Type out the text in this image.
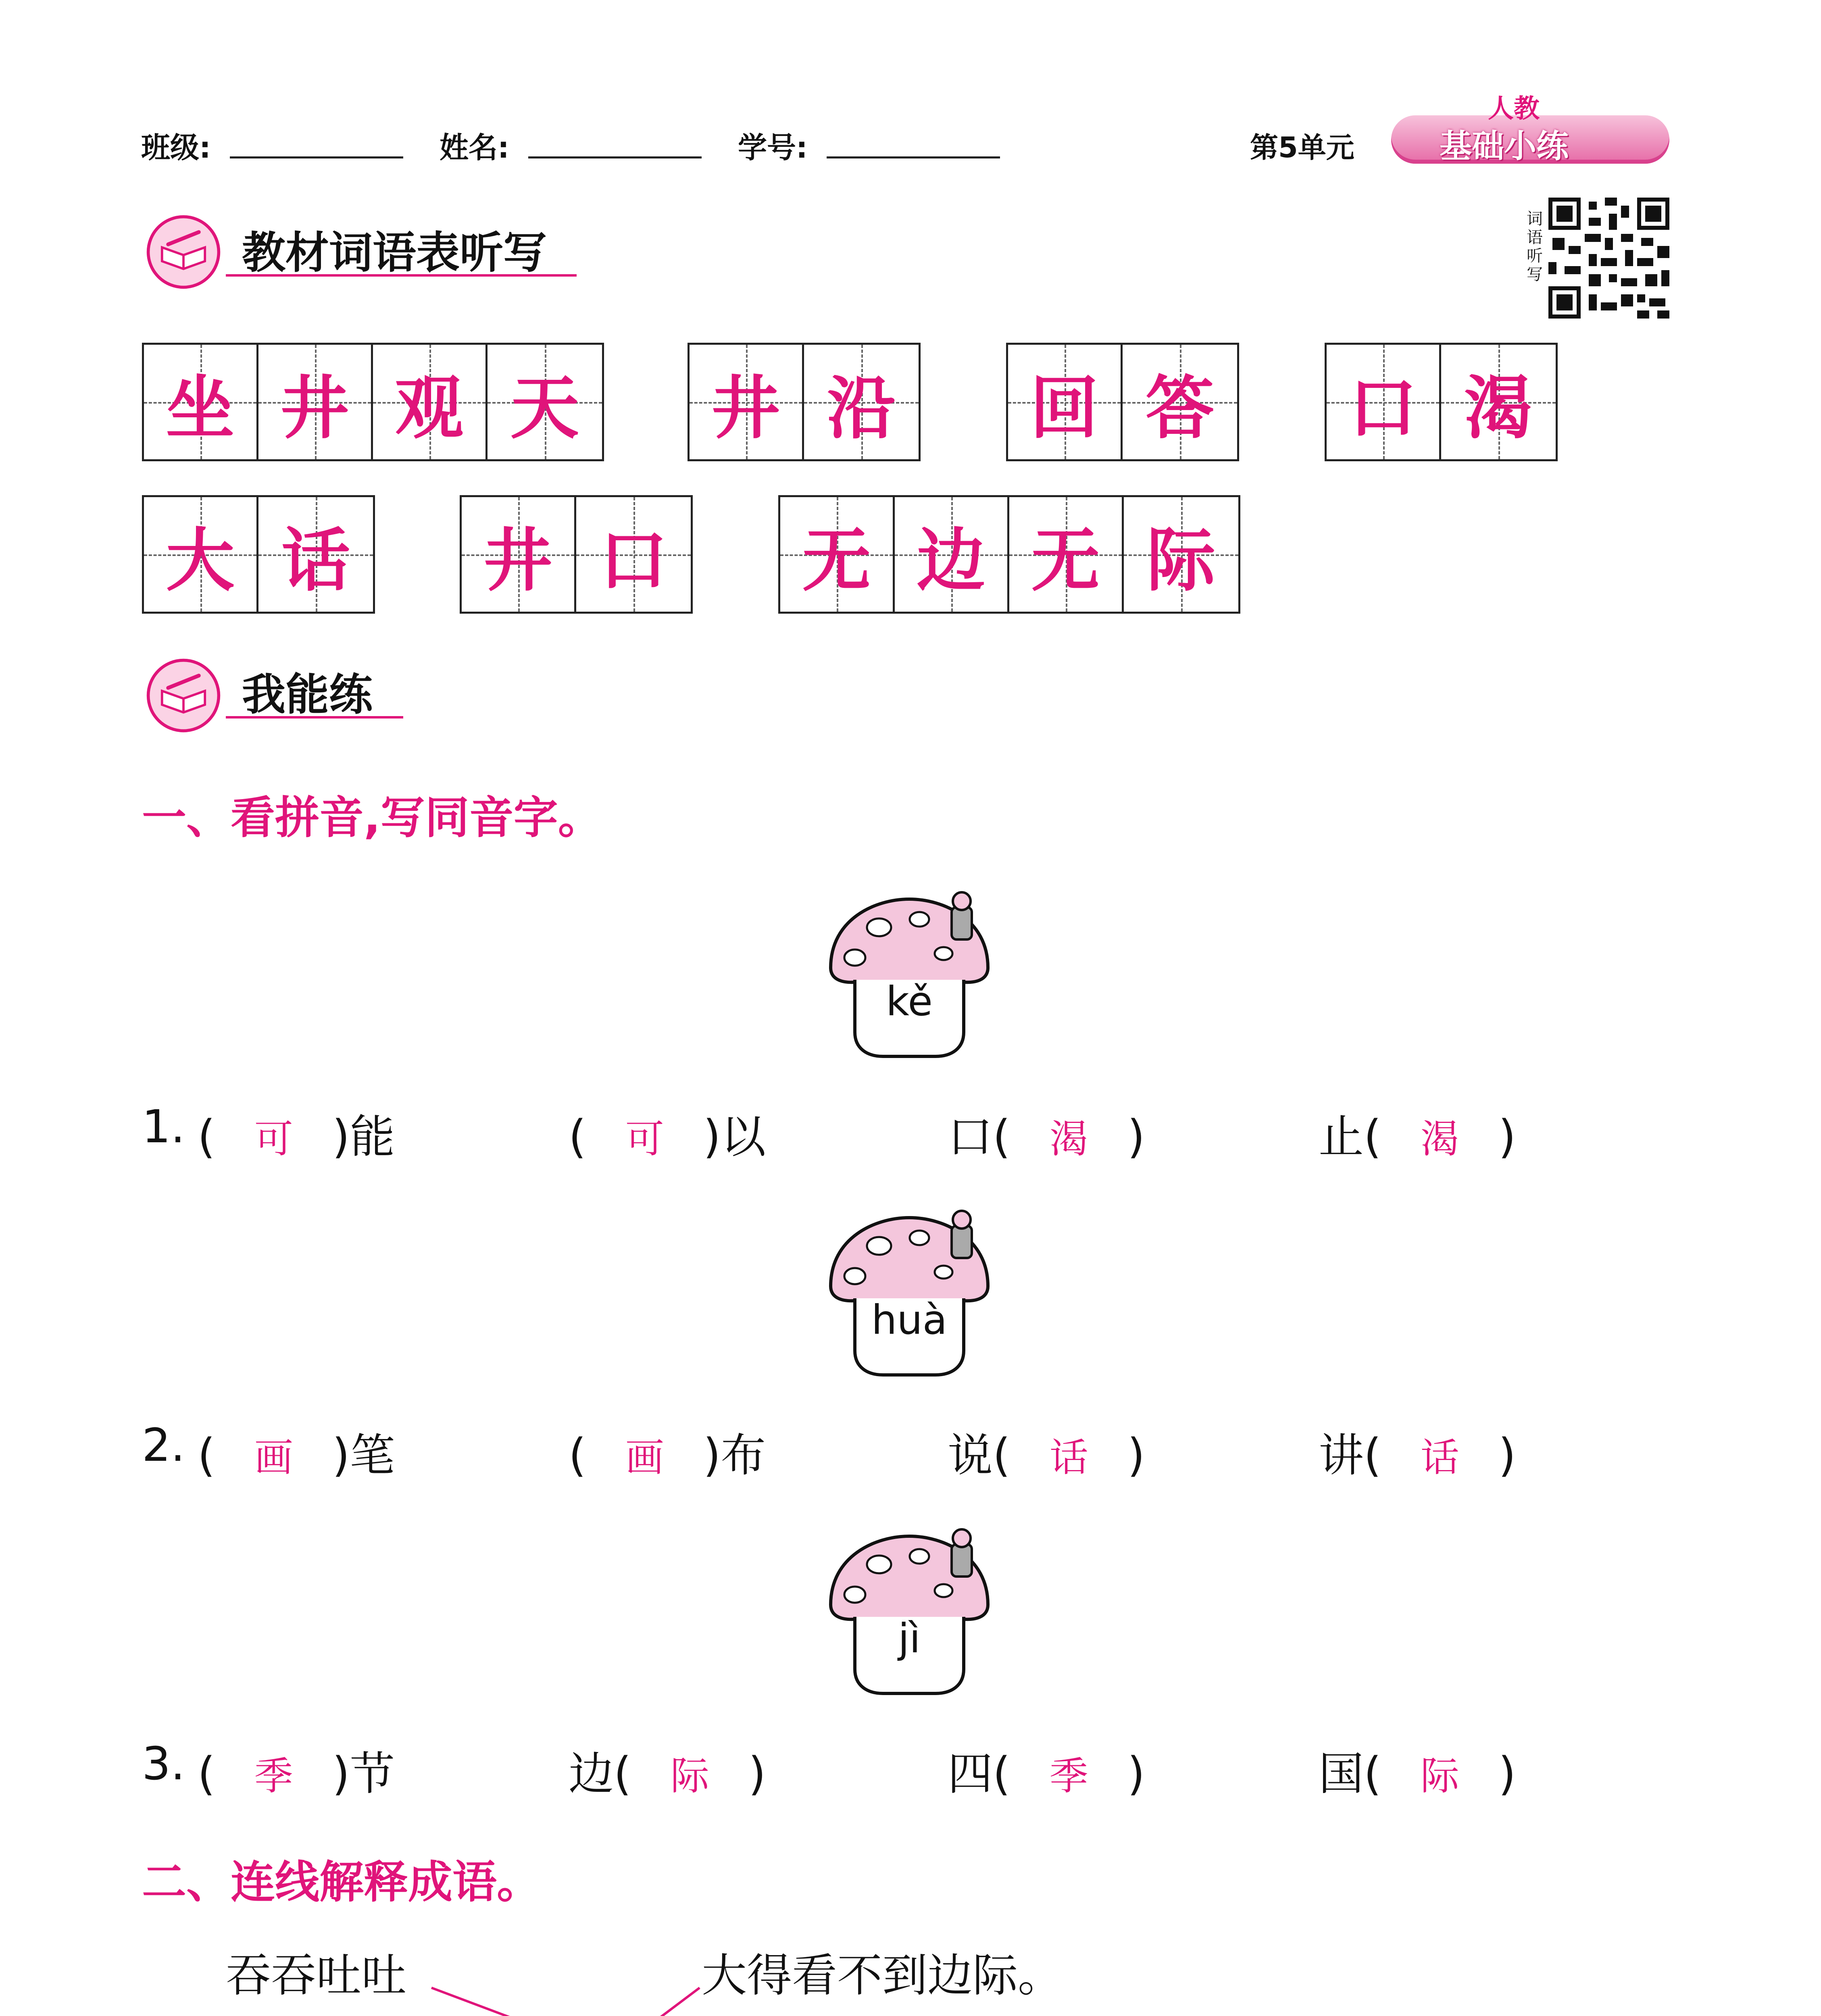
班级:	姓名:	学号:	第5单元	基础小练
人教
词语听写
教材词语表听写
坐 井 观 天 井 沿 回 答 口 渴
大 话 井 口 无 边 无 际
我能练
一、看拼音,写同音字。
kě
1. ( 可 )能	( 可 )以	口( 渴 )	止( 渴 )
huà
2. ( 画 )笔	( 画 )布	说( 话 )	讲( 话 )
jì
3. ( 季 )节	边( 际 )	四( 季 )	国( 际 )
二、连线解释成语。
吞吞吐吐	大得看不到边际。
